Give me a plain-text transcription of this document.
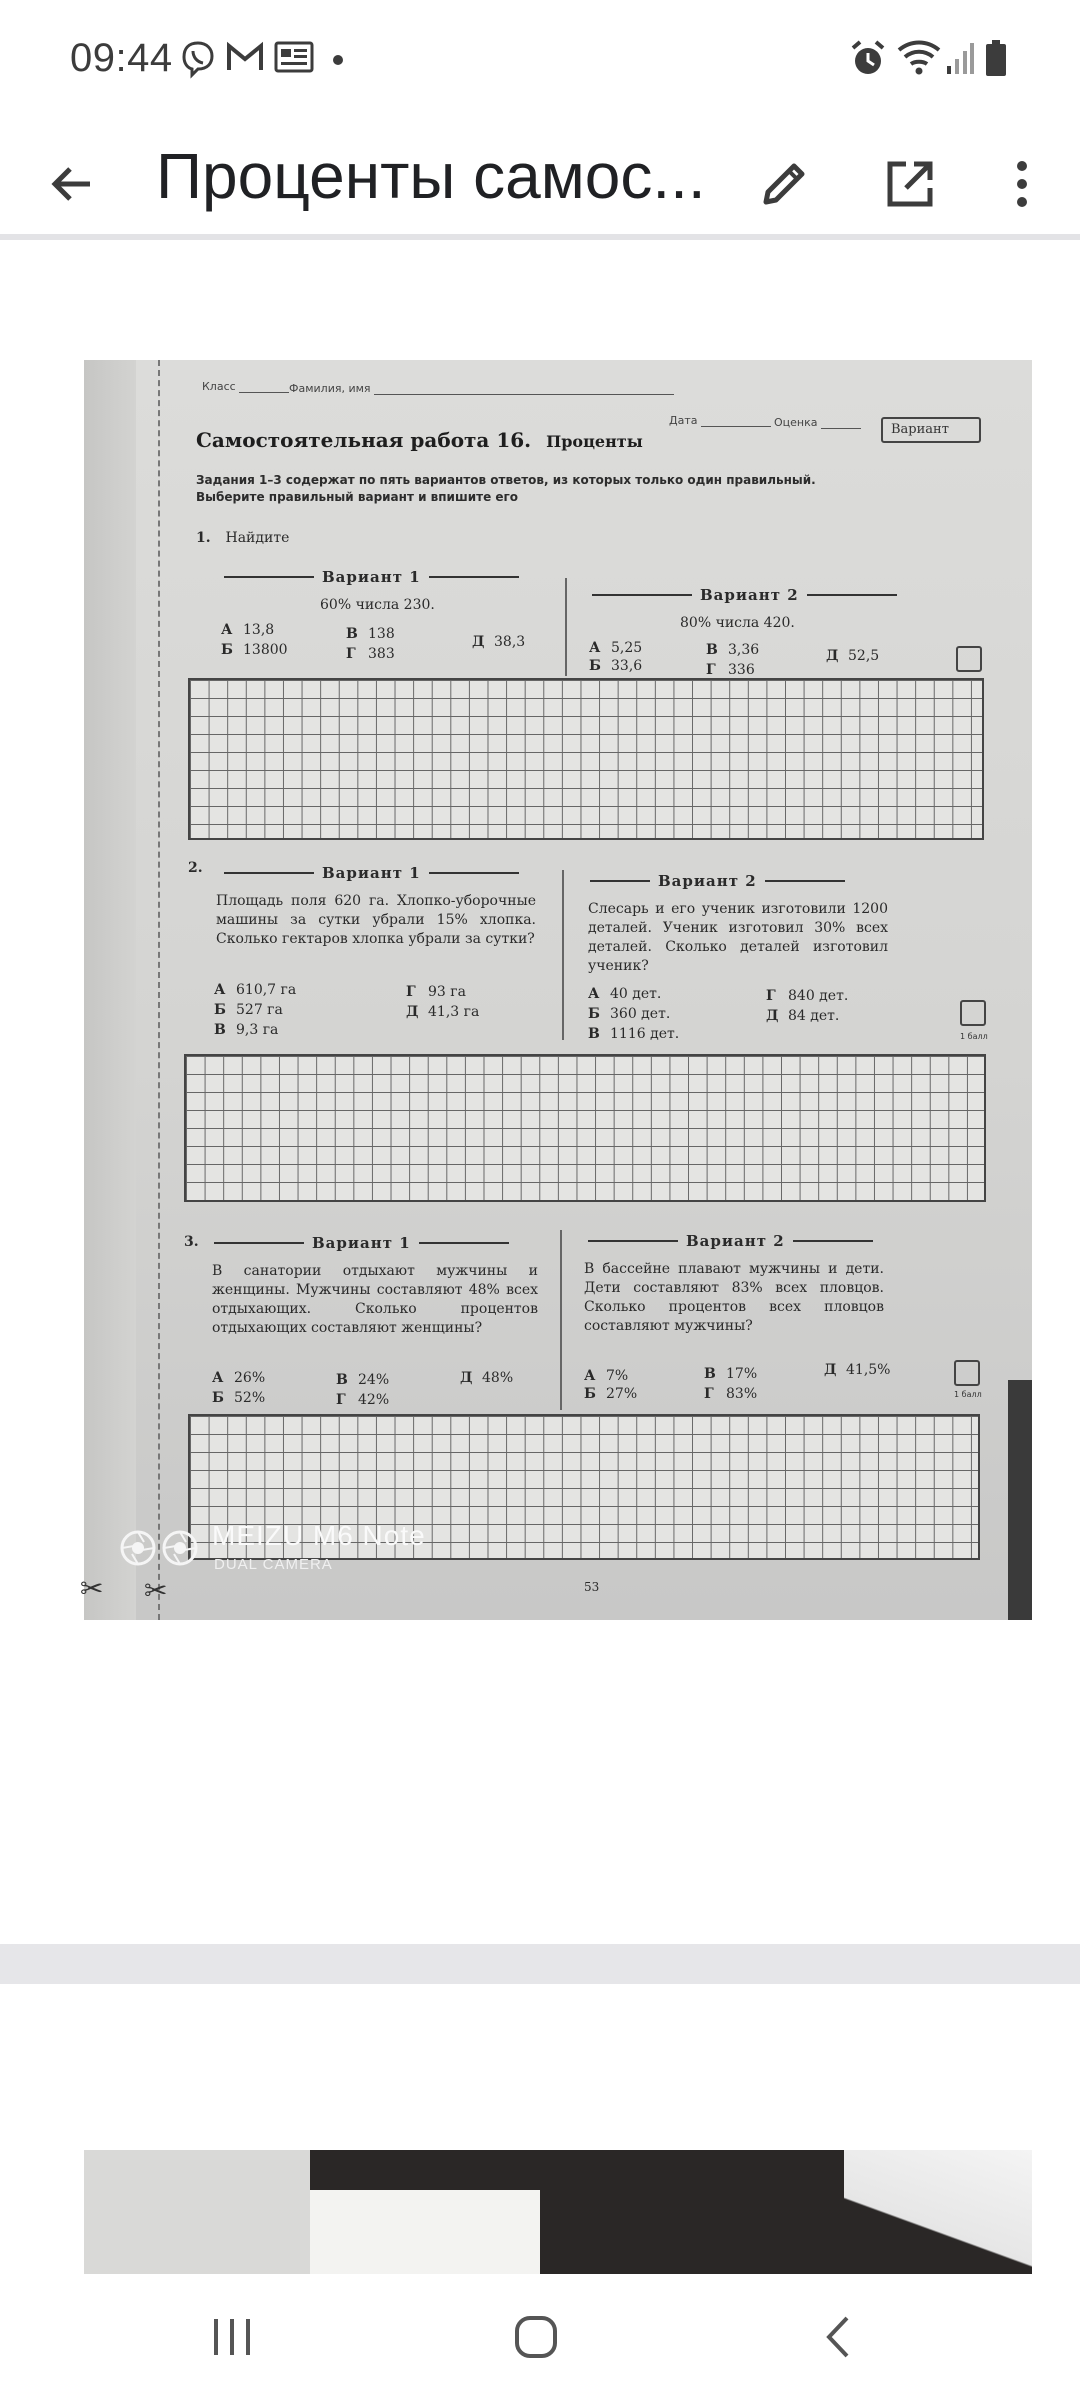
09:44
Проценты самос...
Класс	Фамилия, имя
Дата	Оценка	Вариант
Самостоятельная работа 16. Проценты
Задания 1–3 содержат по пять вариантов ответов, из которых только один правильный. Выберите правильный вариант и впишите его
1. Найдите
Вариант 1
60% числа 230.
А 13,8	В 138	Д 38,3
Б 13800	Г 383
Вариант 2
80% числа 420.
А 5,25	В 3,36	Д 52,5
Б 33,6	Г 336
2.	Вариант 1
Площадь поля 620 га. Хлопко-уборочные машины за сутки убрали 15% хлопка. Сколько гектаров хлопка убрали за сутки?
А 610,7 га	Г 93 га
Б 527 га	Д 41,3 га
В 9,3 га
Вариант 2
Слесарь и его ученик изготовили 1200 деталей. Ученик изготовил 30% всех деталей. Сколько деталей изготовил ученик?
А 40 дет.	Г 840 дет.
Б 360 дет.	Д 84 дет.
В 1116 дет.	1 балл
3.	Вариант 1
В санатории отдыхают мужчины и женщины. Мужчины составляют 48% всех отдыхающих. Сколько процентов отдыхающих составляют женщины?
А 26%	В 24%	Д 48%
Б 52%	Г 42%
Вариант 2
В бассейне плавают мужчины и дети. Дети составляют 83% всех пловцов. Сколько процентов всех пловцов составляют мужчины?
А 7%	В 17%	Д 41,5%
Б 27%	Г 83%	1 балл
53
✂ ✂
MEIZU M6 Note
DUAL CAMERA
